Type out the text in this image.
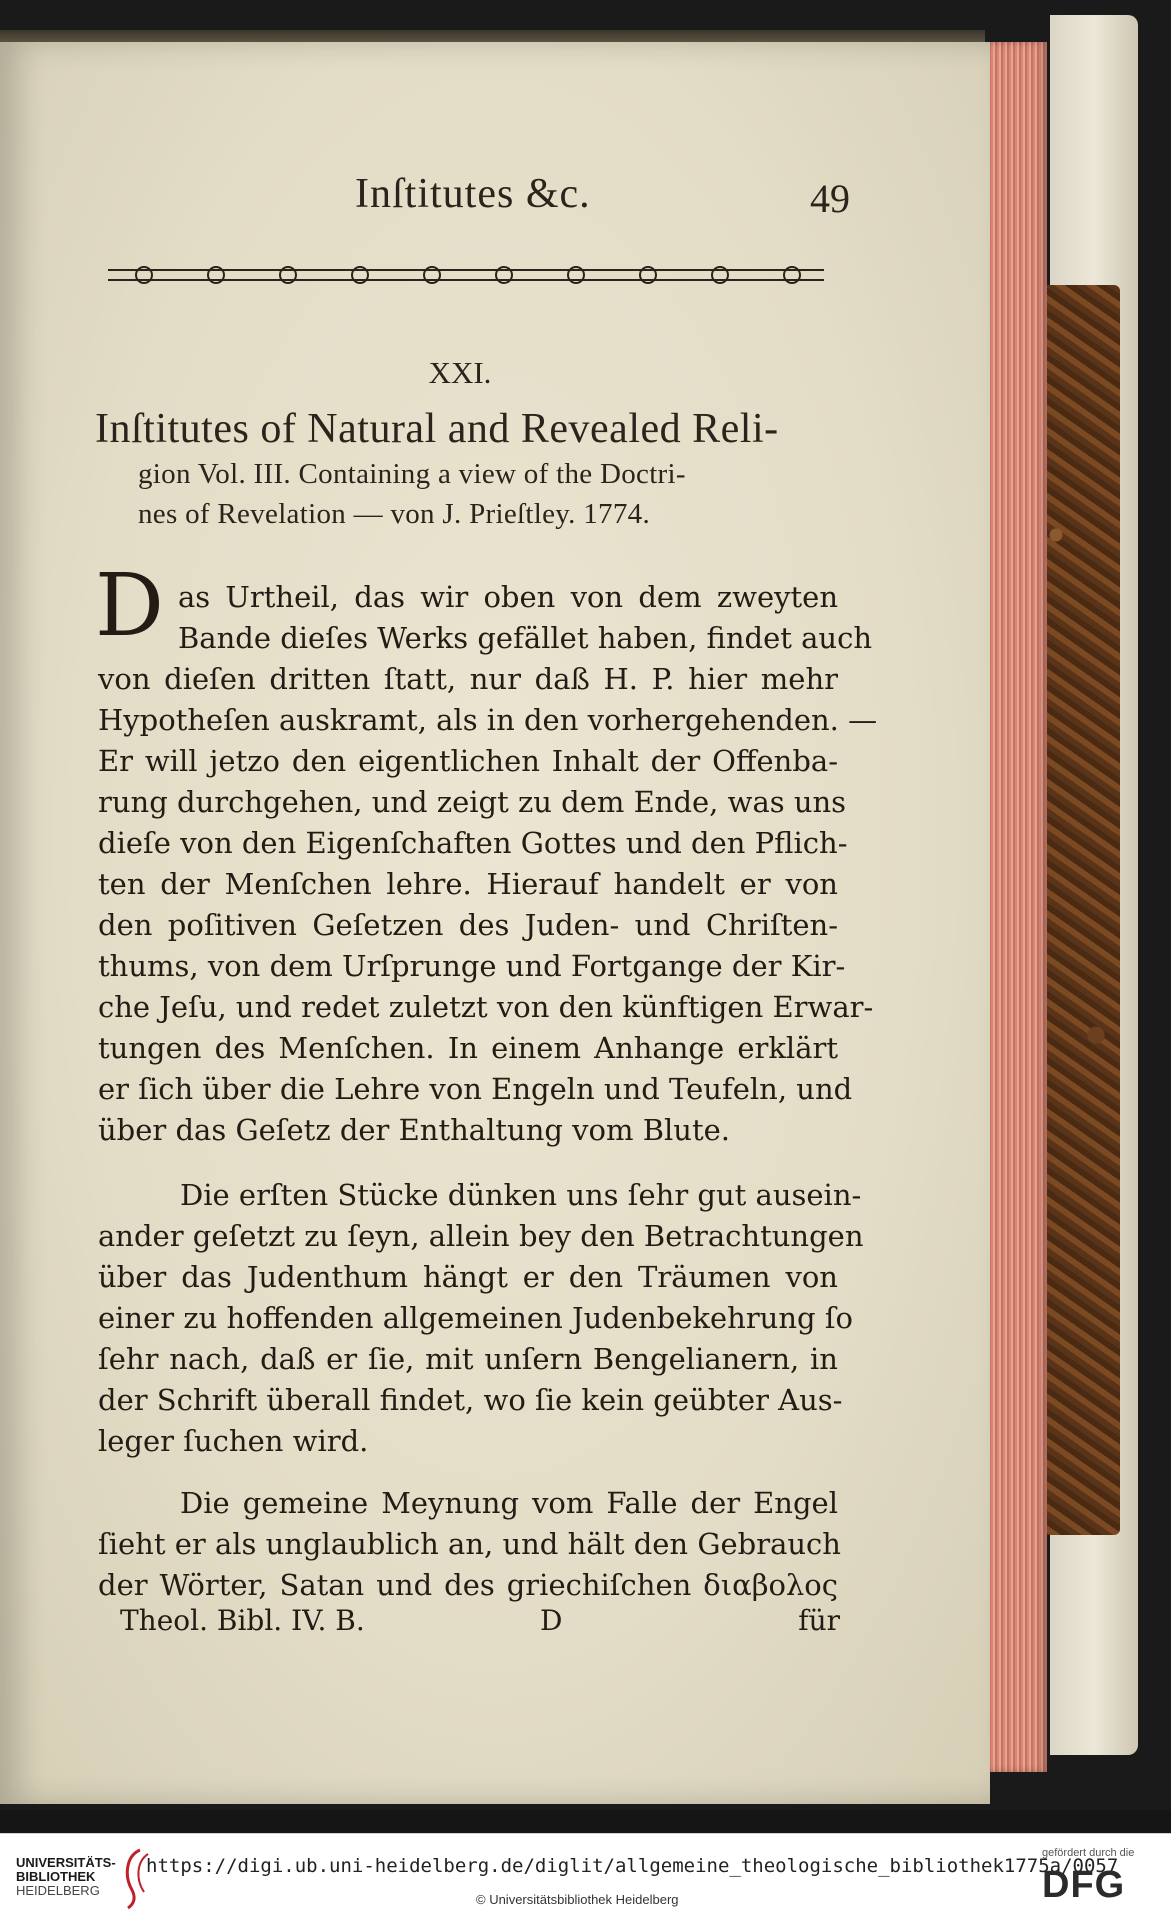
Inſtitutes &c.	49
XXI.
Inſtitutes of Natural and Revealed Reli-
gion Vol. III. Containing a view of the Doctri-
nes of Revelation — von J. Prieſtley. 1774.
D as Urtheil, das wir oben von dem zweyten
Bande dieſes Werks gefället haben, findet auch
von dieſen dritten ſtatt, nur daß H. P. hier mehr
Hypotheſen auskramt, als in den vorhergehenden. —
Er will jetzo den eigentlichen Inhalt der Offenba-
rung durchgehen, und zeigt zu dem Ende, was uns
dieſe von den Eigenſchaften Gottes und den Pflich-
ten der Menſchen lehre. Hierauf handelt er von
den poſitiven Geſetzen des Juden- und Chriſten-
thums, von dem Urſprunge und Fortgange der Kir-
che Jeſu, und redet zuletzt von den künftigen Erwar-
tungen des Menſchen. In einem Anhange erklärt
er ſich über die Lehre von Engeln und Teufeln, und
über das Geſetz der Enthaltung vom Blute.
Die erſten Stücke dünken uns ſehr gut ausein-
ander geſetzt zu ſeyn, allein bey den Betrachtungen
über das Judenthum hängt er den Träumen von
einer zu hoffenden allgemeinen Judenbekehrung ſo
ſehr nach, daß er ſie, mit unſern Bengelianern, in
der Schrift überall findet, wo ſie kein geübter Aus-
leger ſuchen wird.
Die gemeine Meynung vom Falle der Engel
ſieht er als unglaublich an, und hält den Gebrauch
der Wörter, Satan und des griechiſchen διαβολος
Theol. Bibl. IV. B.	D	für
UNIVERSITÄTS-
BIBLIOTHEK
HEIDELBERG
https://digi.ub.uni-heidelberg.de/diglit/allgemeine_theologische_bibliothek1775a/0057
© Universitätsbibliothek Heidelberg
gefördert durch die
DFG
